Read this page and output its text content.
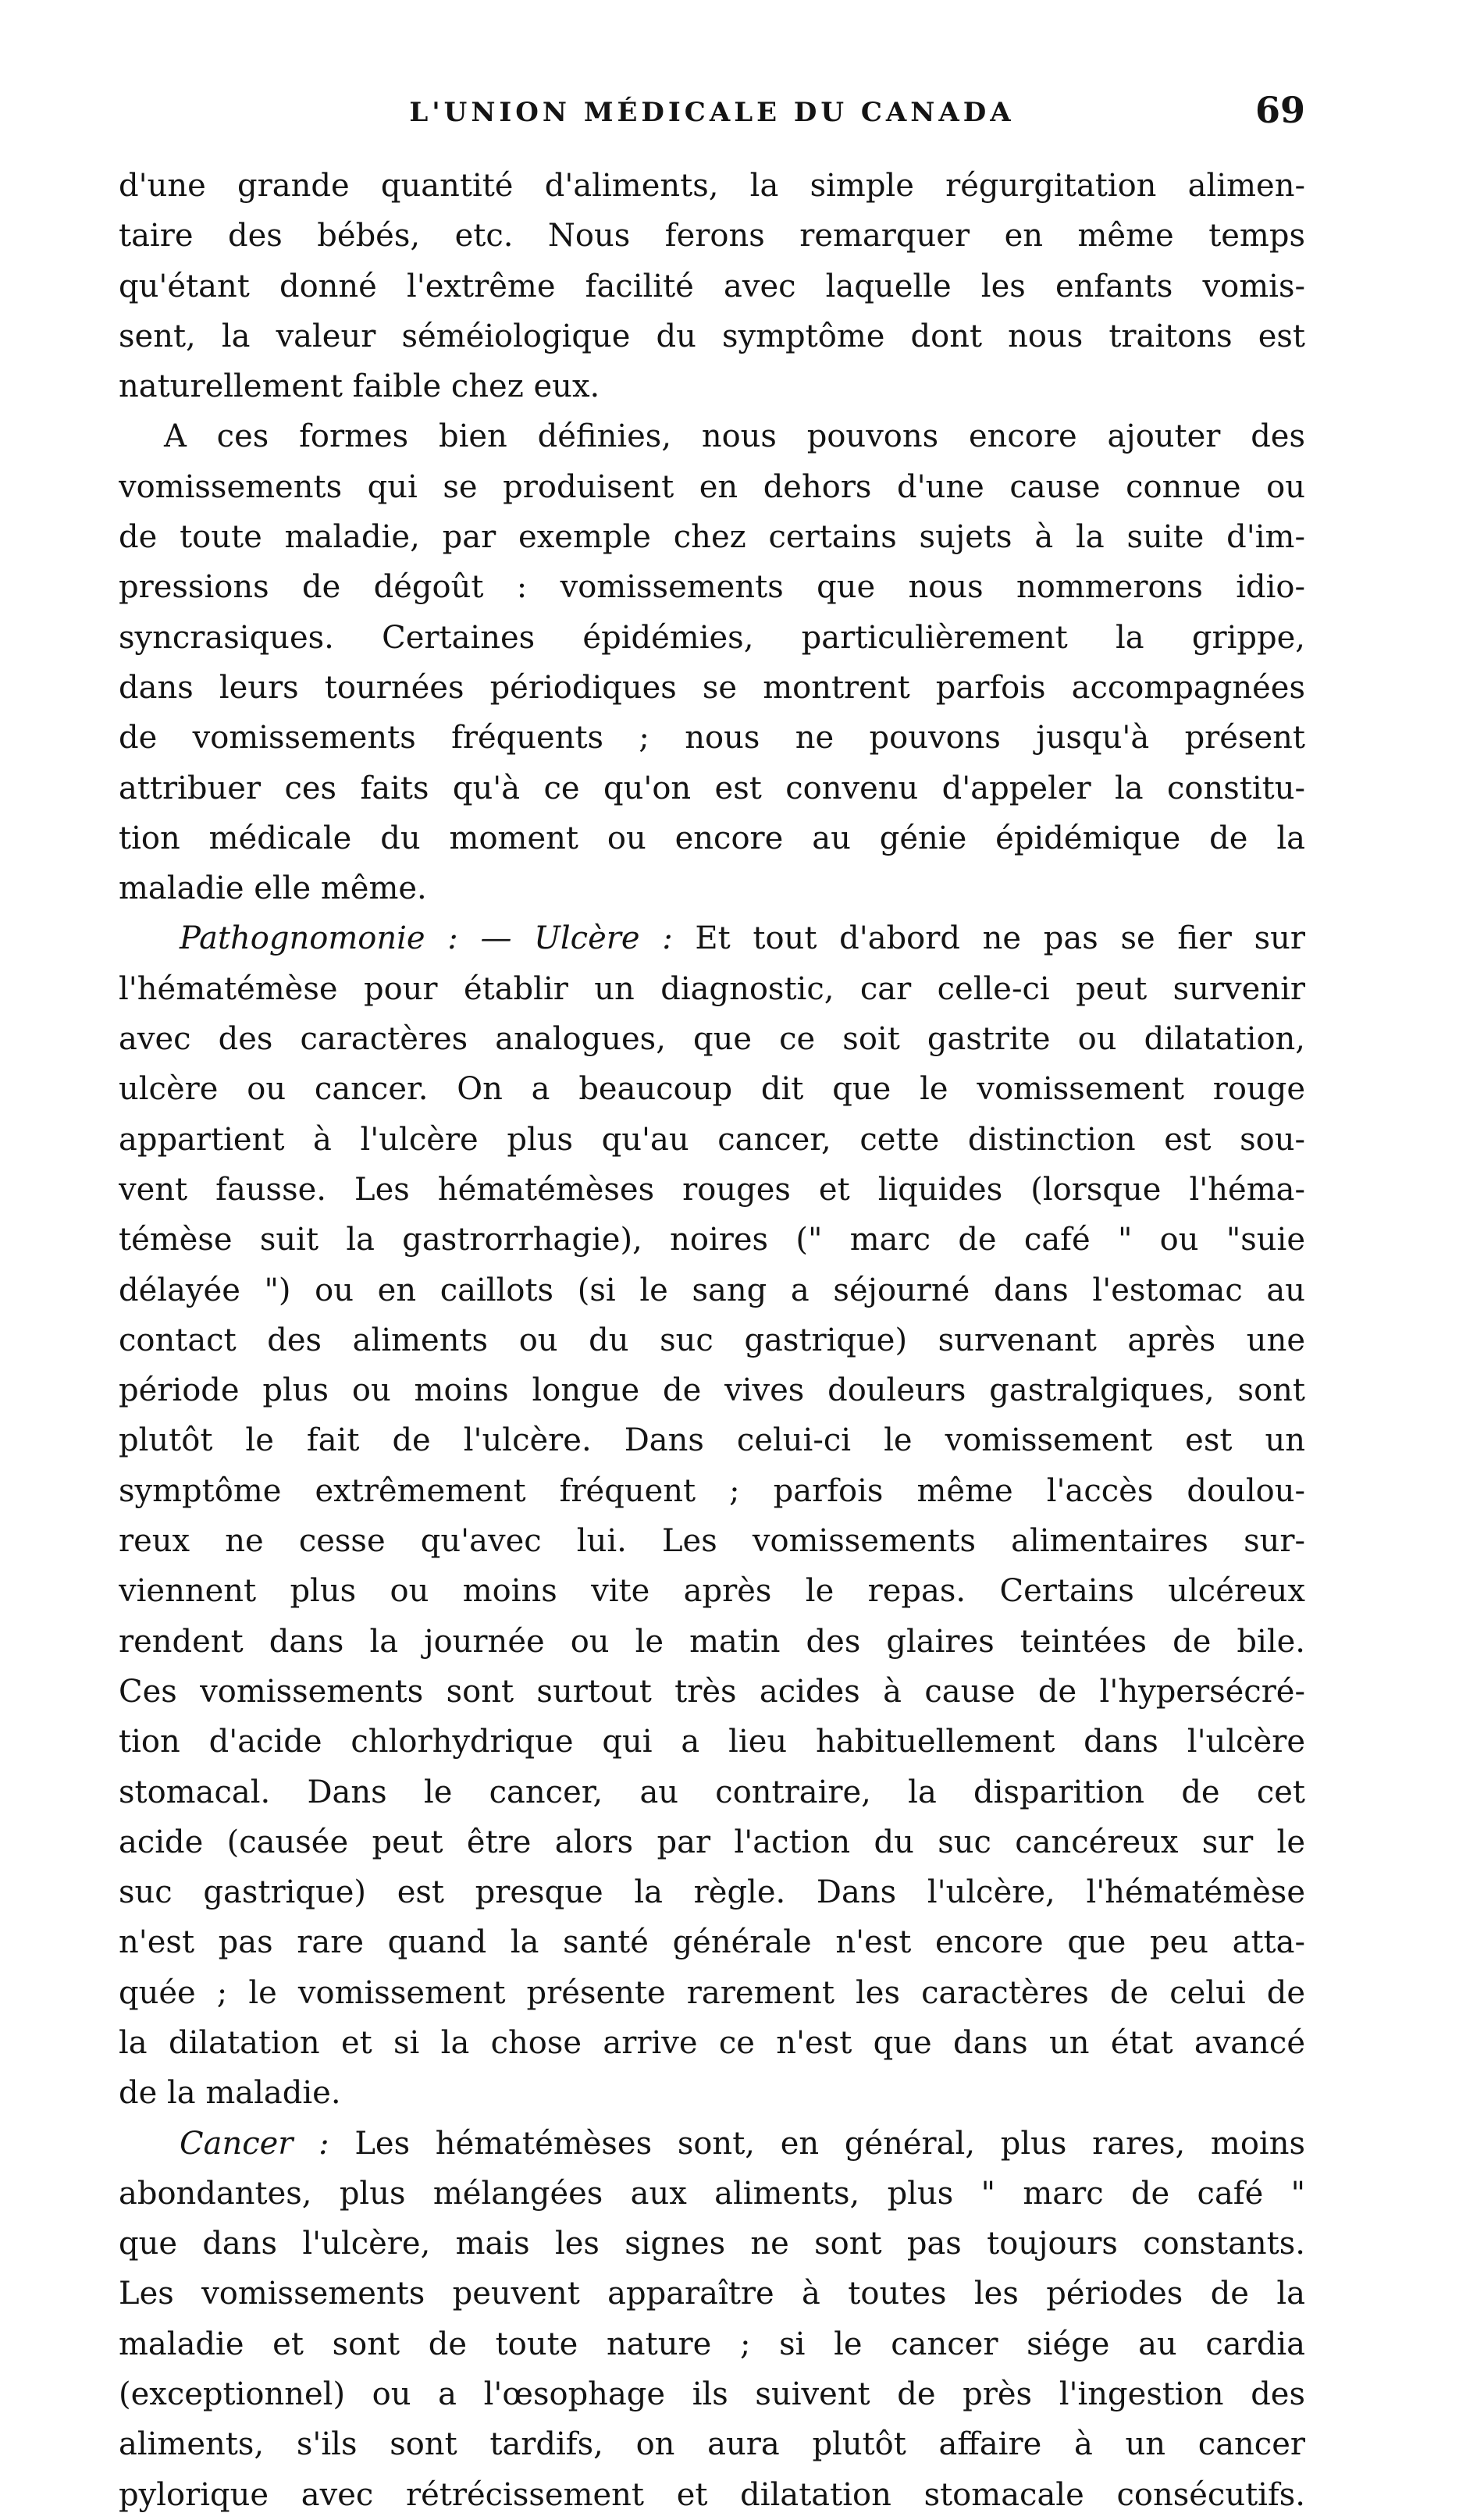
L'UNION MÉDICALE DU CANADA	69
d'une grande quantité d'aliments, la simple régurgitation alimen-
taire des bébés, etc. Nous ferons remarquer en même temps
qu'étant donné l'extrême facilité avec laquelle les enfants vomis-
sent, la valeur séméiologique du symptôme dont nous traitons est
naturellement faible chez eux.
A ces formes bien définies, nous pouvons encore ajouter des
vomissements qui se produisent en dehors d'une cause connue ou
de toute maladie, par exemple chez certains sujets à la suite d'im-
pressions de dégoût : vomissements que nous nommerons idio-
syncrasiques. Certaines épidémies, particulièrement la grippe,
dans leurs tournées périodiques se montrent parfois accompagnées
de vomissements fréquents ; nous ne pouvons jusqu'à présent
attribuer ces faits qu'à ce qu'on est convenu d'appeler la constitu-
tion médicale du moment ou encore au génie épidémique de la
maladie elle même.
Pathognomonie : — Ulcère : Et tout d'abord ne pas se fier sur
l'hématémèse pour établir un diagnostic, car celle-ci peut survenir
avec des caractères analogues, que ce soit gastrite ou dilatation,
ulcère ou cancer. On a beaucoup dit que le vomissement rouge
appartient à l'ulcère plus qu'au cancer, cette distinction est sou-
vent fausse. Les hématémèses rouges et liquides (lorsque l'héma-
témèse suit la gastrorrhagie), noires (" marc de café " ou "suie
délayée ") ou en caillots (si le sang a séjourné dans l'estomac au
contact des aliments ou du suc gastrique) survenant après une
période plus ou moins longue de vives douleurs gastralgiques, sont
plutôt le fait de l'ulcère. Dans celui-ci le vomissement est un
symptôme extrêmement fréquent ; parfois même l'accès doulou-
reux ne cesse qu'avec lui. Les vomissements alimentaires sur-
viennent plus ou moins vite après le repas. Certains ulcéreux
rendent dans la journée ou le matin des glaires teintées de bile.
Ces vomissements sont surtout très acides à cause de l'hypersécré-
tion d'acide chlorhydrique qui a lieu habituellement dans l'ulcère
stomacal. Dans le cancer, au contraire, la disparition de cet
acide (causée peut être alors par l'action du suc cancéreux sur le
suc gastrique) est presque la règle. Dans l'ulcère, l'hématémèse
n'est pas rare quand la santé générale n'est encore que peu atta-
quée ; le vomissement présente rarement les caractères de celui de
la dilatation et si la chose arrive ce n'est que dans un état avancé
de la maladie.
Cancer : Les hématémèses sont, en général, plus rares, moins
abondantes, plus mélangées aux aliments, plus " marc de café "
que dans l'ulcère, mais les signes ne sont pas toujours constants.
Les vomissements peuvent apparaître à toutes les périodes de la
maladie et sont de toute nature ; si le cancer siége au cardia
(exceptionnel) ou a l'œsophage ils suivent de près l'ingestion des
aliments, s'ils sont tardifs, on aura plutôt affaire à un cancer
pylorique avec rétrécissement et dilatation stomacale consécutifs.
